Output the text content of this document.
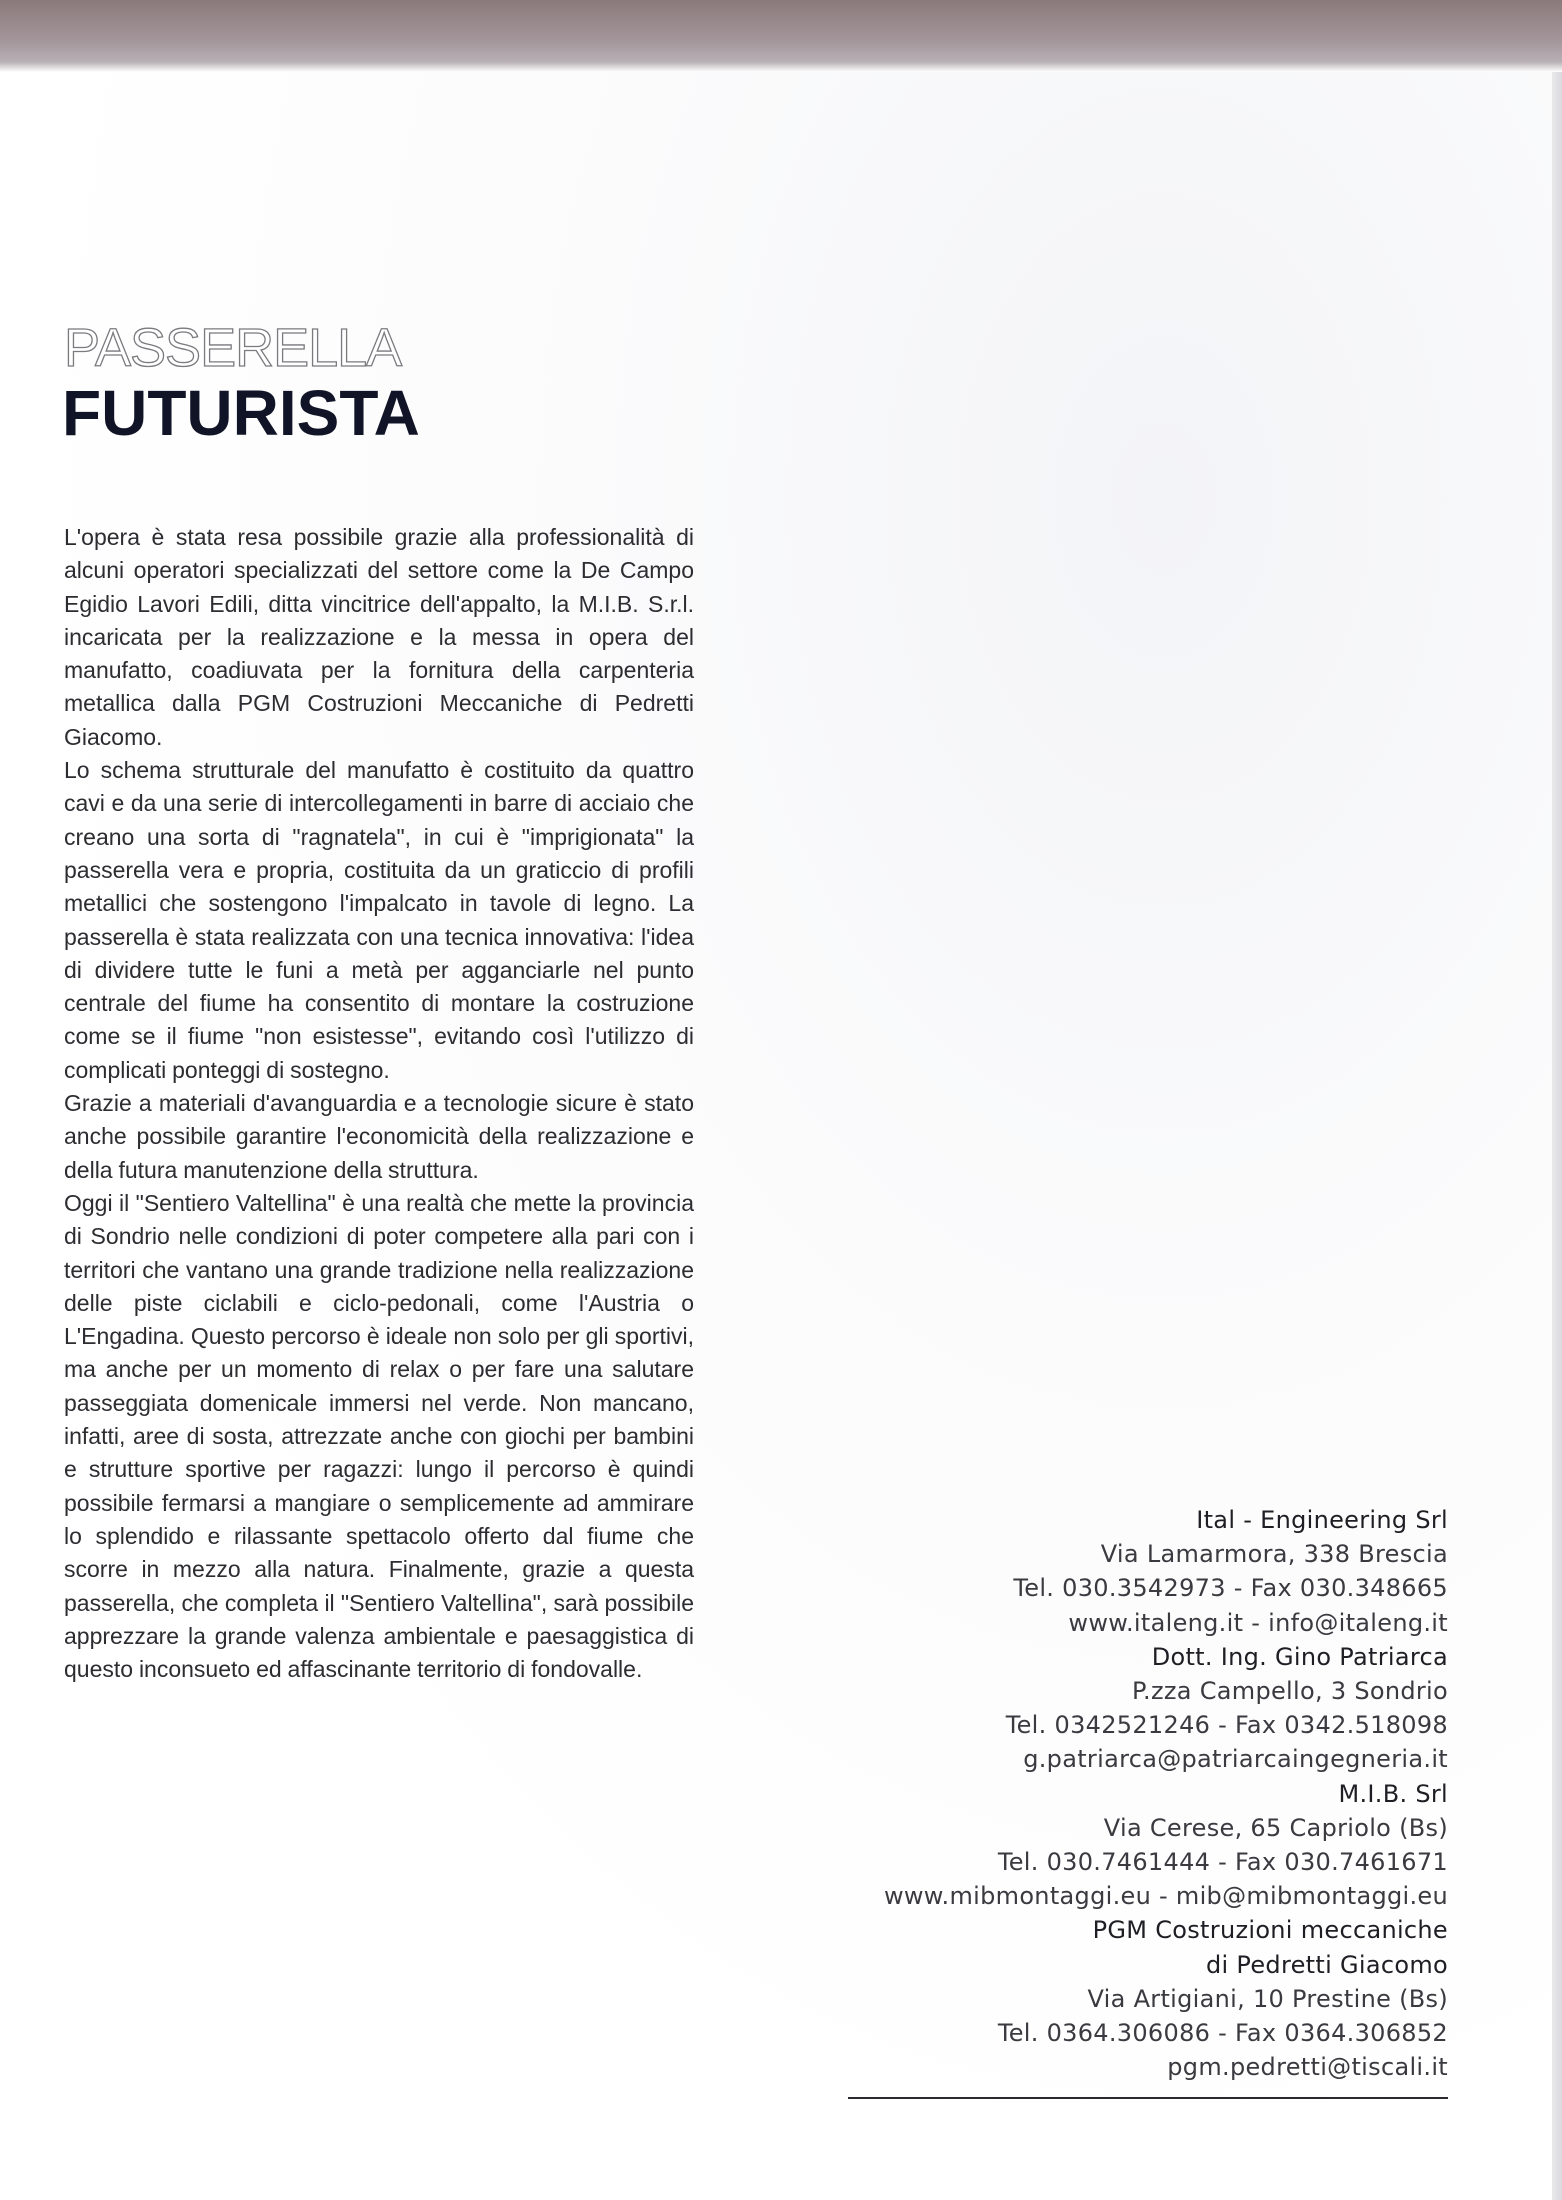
PASSERELLA
FUTURISTA

L'opera è stata resa possibile grazie alla professionalità di alcuni operatori specializzati del settore come la De Campo Egidio Lavori Edili, ditta vincitrice dell'appalto, la M.I.B. S.r.l. incaricata per la realizzazione e la messa in opera del manufatto, coadiuvata per la fornitura della carpenteria metallica dalla PGM Costruzioni Meccaniche di Pedretti Giacomo.

Lo schema strutturale del manufatto è costituito da quattro cavi e da una serie di intercollegamenti in barre di acciaio che creano una sorta di "ragnatela", in cui è "imprigionata" la passerella vera e propria, costituita da un graticcio di profili metallici che sostengono l'impalcato in tavole di legno. La passerella è stata realizzata con una tecnica innovativa: l'idea di dividere tutte le funi a metà per agganciarle nel punto centrale del fiume ha consentito di montare la costruzione come se il fiume "non esistesse", evitando così l'utilizzo di complicati ponteggi di sostegno.

Grazie a materiali d'avanguardia e a tecnologie sicure è stato anche possibile garantire l'economicità della realizzazione e della futura manutenzione della struttura.

Oggi il "Sentiero Valtellina" è una realtà che mette la provincia di Sondrio nelle condizioni di poter competere alla pari con i territori che vantano una grande tradizione nella realizzazione delle piste ciclabili e ciclo-pedonali, come l'Austria o L'Engadina. Questo percorso è ideale non solo per gli sportivi, ma anche per un momento di relax o per fare una salutare passeggiata domenicale immersi nel verde. Non mancano, infatti, aree di sosta, attrezzate anche con giochi per bambini e strutture sportive per ragazzi: lungo il percorso è quindi possibile fermarsi a mangiare o semplicemente ad ammirare lo splendido e rilassante spettacolo offerto dal fiume che scorre in mezzo alla natura. Finalmente, grazie a questa passerella, che completa il "Sentiero Valtellina", sarà possibile apprezzare la grande valenza ambientale e paesaggistica di questo inconsueto ed affascinante territorio di fondovalle.

Ital - Engineering Srl
Via Lamarmora, 338 Brescia
Tel. 030.3542973 - Fax 030.348665
www.italeng.it - info@italeng.it
Dott. Ing. Gino Patriarca
P.zza Campello, 3 Sondrio
Tel. 0342521246 - Fax 0342.518098
g.patriarca@patriarcaingegneria.it
M.I.B. Srl
Via Cerese, 65 Capriolo (Bs)
Tel. 030.7461444 - Fax 030.7461671
www.mibmontaggi.eu - mib@mibmontaggi.eu
PGM Costruzioni meccaniche
di Pedretti Giacomo
Via Artigiani, 10 Prestine (Bs)
Tel. 0364.306086 - Fax 0364.306852
pgm.pedretti@tiscali.it
